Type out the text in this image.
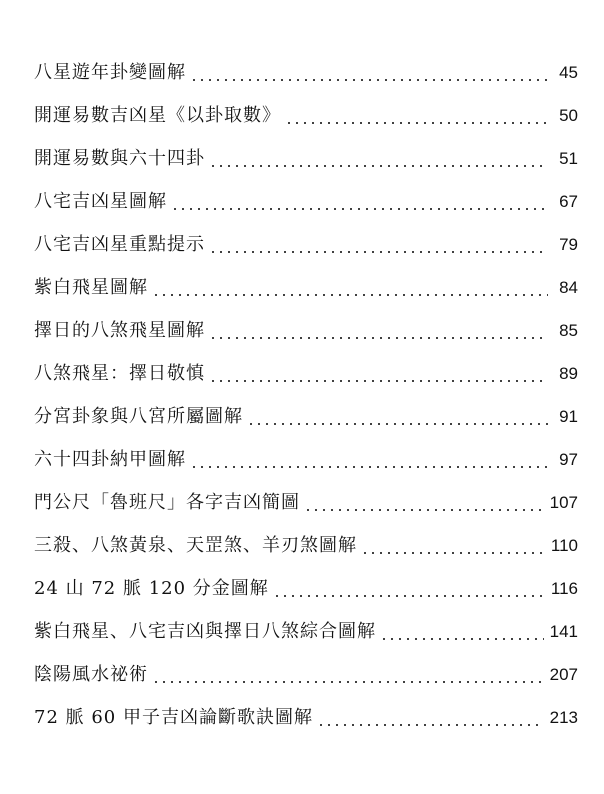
八星遊年卦變圖解	45
開運易數吉凶星《以卦取數》	50
開運易數與六十四卦	51
八宅吉凶星圖解	67
八宅吉凶星重點提示	79
紫白飛星圖解	84
擇日的八煞飛星圖解	85
八煞飛星：擇日敬慎	89
分宮卦象與八宮所屬圖解	91
六十四卦納甲圖解	97
門公尺「魯班尺」各字吉凶簡圖	107
三殺、八煞黃泉、天罡煞、羊刃煞圖解	110
24 山 72 脈 120 分金圖解	116
紫白飛星、八宅吉凶與擇日八煞綜合圖解	141
陰陽風水祕術	207
72 脈 60 甲子吉凶論斷歌訣圖解	213
